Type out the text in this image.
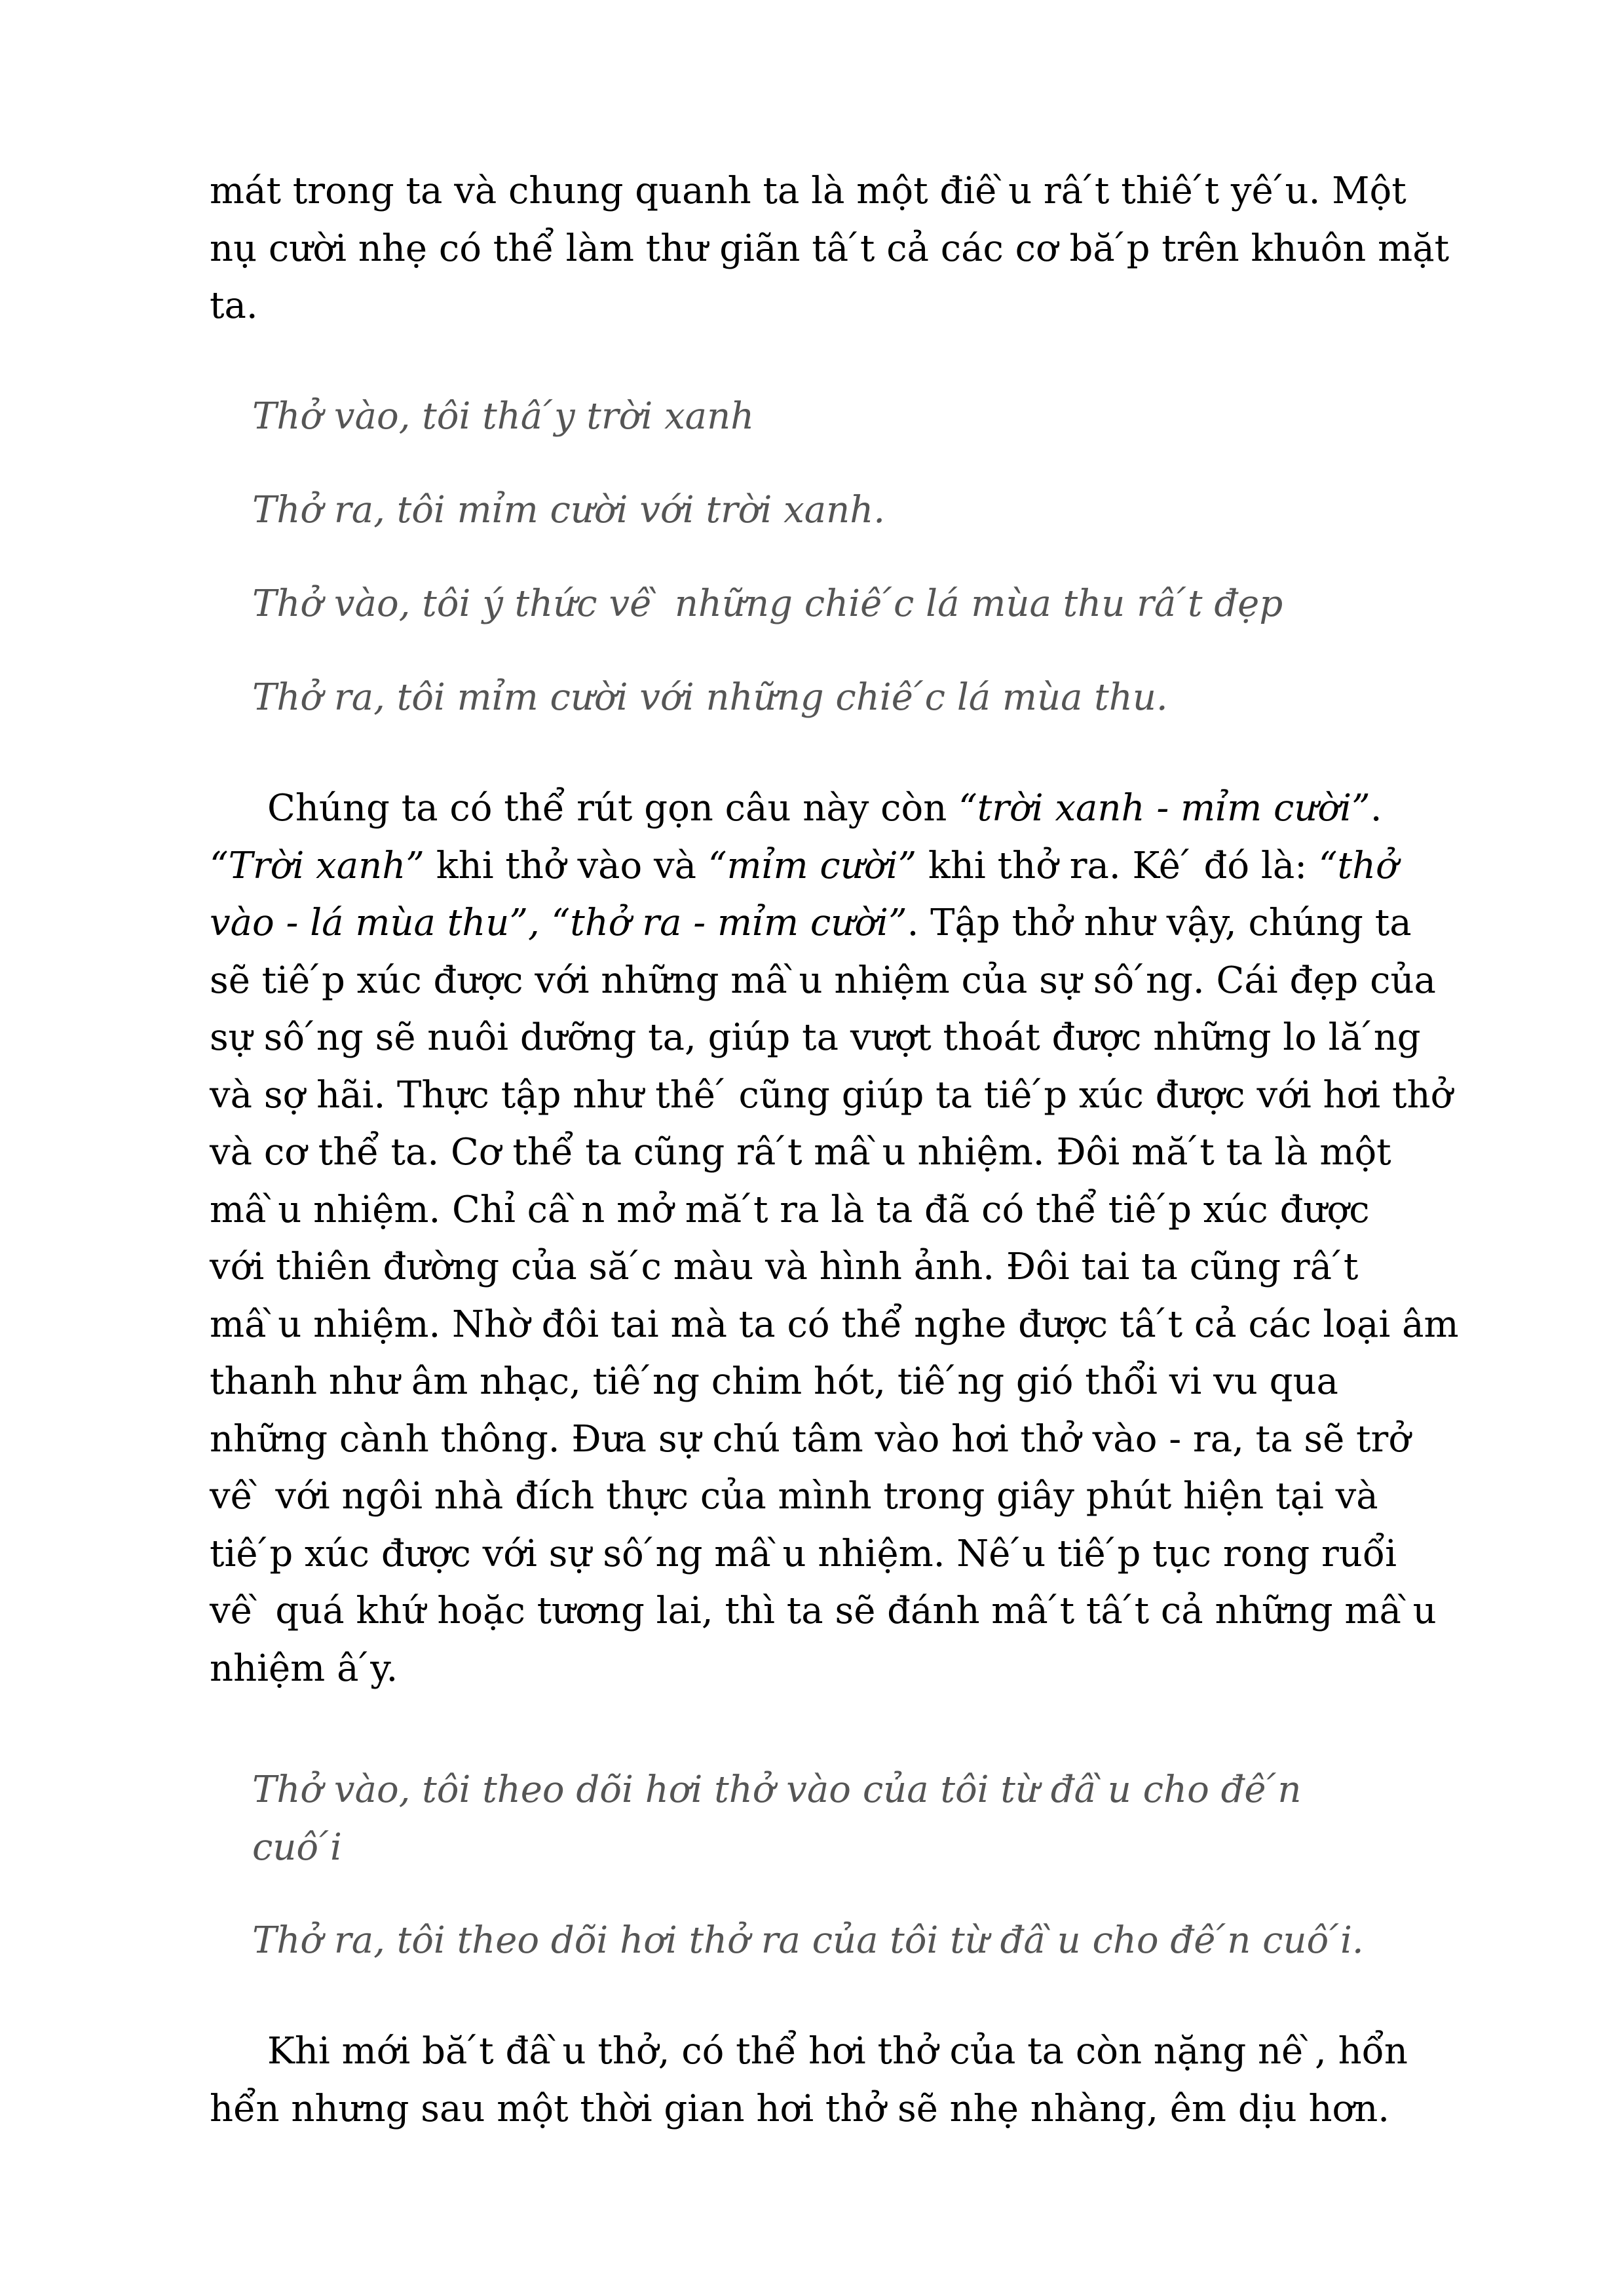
mát trong ta và chung quanh ta là một điê ̀u râ ́t thiê ́t yê ́u. Một
nụ cười nhẹ có thể làm thư giãn tâ ́t cả các cơ bă ́p trên khuôn mặt
ta.
Thở vào, tôi thâ ́y trời xanh
Thở ra, tôi mỉm cười với trời xanh.
Thở vào, tôi ý thức vê ̀ những chiê ́c lá mùa thu râ ́t đẹp
Thở ra, tôi mỉm cười với những chiê ́c lá mùa thu.
Chúng ta có thể rút gọn câu này còn “trời xanh - mỉm cười”.
“Trời xanh” khi thở vào và “mỉm cười” khi thở ra. Kê ́ đó là: “thở
vào - lá mùa thu”, “thở ra - mỉm cười”. Tập thở như vậy, chúng ta
sẽ tiê ́p xúc được với những mâ ̀u nhiệm của sự sô ́ng. Cái đẹp của
sự sô ́ng sẽ nuôi dưỡng ta, giúp ta vượt thoát được những lo lă ́ng
và sợ hãi. Thực tập như thê ́ cũng giúp ta tiê ́p xúc được với hơi thở
và cơ thể ta. Cơ thể ta cũng râ ́t mâ ̀u nhiệm. Đôi mă ́t ta là một
mâ ̀u nhiệm. Chỉ câ ̀n mở mă ́t ra là ta đã có thể tiê ́p xúc được
với thiên đường của să ́c màu và hình ảnh. Đôi tai ta cũng râ ́t
mâ ̀u nhiệm. Nhờ đôi tai mà ta có thể nghe được tâ ́t cả các loại âm
thanh như âm nhạc, tiê ́ng chim hót, tiê ́ng gió thổi vi vu qua
những cành thông. Đưa sự chú tâm vào hơi thở vào - ra, ta sẽ trở
vê ̀ với ngôi nhà đích thực của mình trong giây phút hiện tại và
tiê ́p xúc được với sự sô ́ng mâ ̀u nhiệm. Nê ́u tiê ́p tục rong ruổi
vê ̀ quá khứ hoặc tương lai, thì ta sẽ đánh mâ ́t tâ ́t cả những mâ ̀u
nhiệm â ́y.
Thở vào, tôi theo dõi hơi thở vào của tôi từ đâ ̀u cho đê ́n
cuô ́i
Thở ra, tôi theo dõi hơi thở ra của tôi từ đâ ̀u cho đê ́n cuô ́i.
Khi mới bă ́t đâ ̀u thở, có thể hơi thở của ta còn nặng nê ̀, hổn
hển nhưng sau một thời gian hơi thở sẽ nhẹ nhàng, êm dịu hơn.
